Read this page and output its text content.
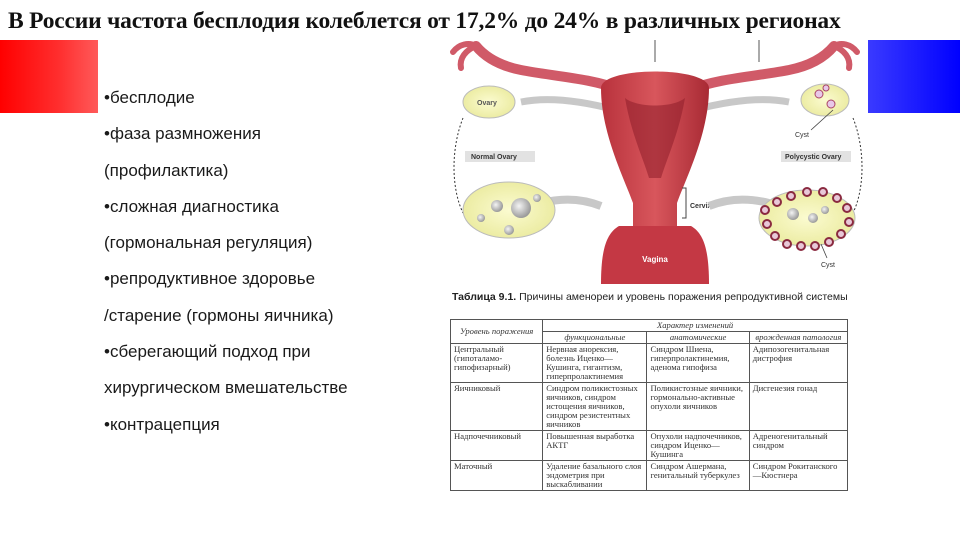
В России частота бесплодия колеблется от 17,2% до 24% в различных регионах
•бесплодие
•фаза размножения
(профилактика)
•сложная диагностика
(гормональная регуляция)
•репродуктивное здоровье
/старение (гормоны яичника)
•сберегающий подход при
хирургическом вмешательстве
•контрацепция
Vagina
Cervix
Ovary
Cyst
Normal Ovary	Polycystic Ovary
Cyst
Таблица 9.1. Причины аменореи и уровень поражения репродуктивной системы
Уровень поражения	Характер изменений		
	функциональные	анатомические	врожденная патология
Центральный (гипоталамо-гипофизарный)	Нервная анорексия, болезнь Иценко—Кушинга, гигантизм, гиперпролактинемия	Синдром Шиена, гиперпролактинемия, аденома гипофиза	Адипозогенитальная дистрофия
Яичниковый	Синдром поликистозных яичников, синдром истощения яичников, синдром резистентных яичников	Поликистозные яичники, гормонально-активные опухоли яичников	Дисгенезия гонад
Надпочечниковый	Повышенная выработка АКТГ	Опухоли надпочечников, синдром Иценко—Кушинга	Адреногенитальный синдром
Маточный	Удаление базального слоя эндометрия при выскабливании	Синдром Ашермана, генитальный туберкулез	Синдром Рокитанского—Кюстнера
